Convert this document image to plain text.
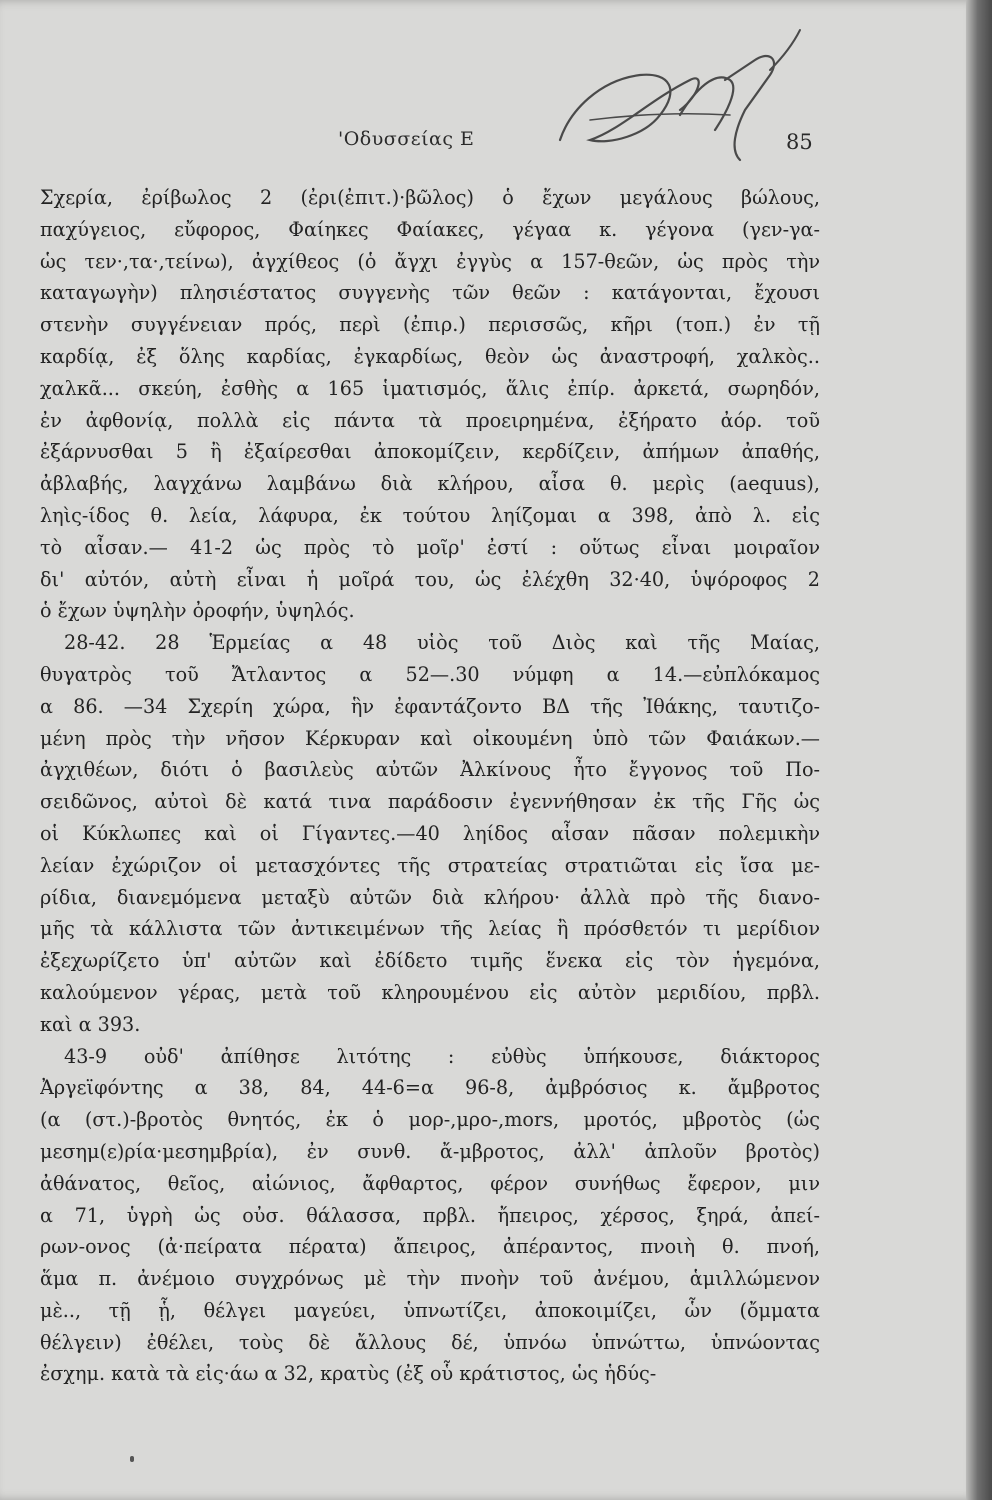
'Οδυσσείας Ε	85
Σχερία, ἐρίβωλος 2 (ἐρι(ἐπιτ.)·βῶλος) ὁ ἔχων μεγάλους βώλους,
παχύγειος, εὔφορος, Φαίηκες Φαίακες, γέγαα κ. γέγονα (γεν-γα-
ὡς τεν·,τα·,τείνω), ἀγχίθεος (ὁ ἄγχι ἐγγὺς α 157-θεῶν, ὡς πρὸς τὴν
καταγωγὴν) πλησιέστατος συγγενὴς τῶν θεῶν : κατάγονται, ἔχουσι
στενὴν συγγένειαν πρός, περὶ (ἐπιρ.) περισσῶς, κῆρι (τοπ.) ἐν τῇ
καρδίᾳ, ἐξ ὅλης καρδίας, ἐγκαρδίως, θεὸν ὡς ἀναστροφή, χαλκὸς..
χαλκᾶ... σκεύη, ἐσθὴς α 165 ἱματισμός, ἅλις ἐπίρ. ἀρκετά, σωρηδόν,
ἐν ἀφθονίᾳ, πολλὰ εἰς πάντα τὰ προειρημένα, ἐξήρατο ἀόρ. τοῦ
ἐξάρνυσθαι 5 ἢ ἐξαίρεσθαι ἀποκομίζειν, κερδίζειν, ἀπήμων ἀπαθής,
ἀβλαβής, λαγχάνω λαμβάνω διὰ κλήρου, αἶσα θ. μερὶς (aequus),
ληὶς-ίδος θ. λεία, λάφυρα, ἐκ τούτου ληίζομαι α 398, ἀπὸ λ. εἰς
τὸ αἶσαν.— 41-2 ὡς πρὸς τὸ μοῖρ' ἐστί : οὕτως εἶναι μοιραῖον
δι' αὐτόν, αὐτὴ εἶναι ἡ μοῖρά του, ὡς ἐλέχθη 32·40, ὑψόροφος 2
ὁ ἔχων ὑψηλὴν ὀροφήν, ὑψηλός.
28-42. 28 Ἑρμείας α 48 υἱὸς τοῦ Διὸς καὶ τῆς Μαίας,
θυγατρὸς τοῦ Ἄτλαντος α 52—.30 νύμφη α 14.—εὐπλόκαμος
α 86. —34 Σχερίη χώρα, ἣν ἐφαντάζοντο ΒΔ τῆς Ἰθάκης, ταυτιζο-
μένη πρὸς τὴν νῆσον Κέρκυραν καὶ οἰκουμένη ὑπὸ τῶν Φαιάκων.—
ἀγχιθέων, διότι ὁ βασιλεὺς αὐτῶν Ἀλκίνους ἦτο ἔγγονος τοῦ Πο-
σειδῶνος, αὐτοὶ δὲ κατά τινα παράδοσιν ἐγεννήθησαν ἐκ τῆς Γῆς ὡς
οἱ Κύκλωπες καὶ οἱ Γίγαντες.—40 ληίδος αἶσαν πᾶσαν πολεμικὴν
λείαν ἐχώριζον οἱ μετασχόντες τῆς στρατείας στρατιῶται εἰς ἴσα με-
ρίδια, διανεμόμενα μεταξὺ αὐτῶν διὰ κλήρου· ἀλλὰ πρὸ τῆς διανο-
μῆς τὰ κάλλιστα τῶν ἀντικειμένων τῆς λείας ἢ πρόσθετόν τι μερίδιον
ἐξεχωρίζετο ὑπ' αὐτῶν καὶ ἐδίδετο τιμῆς ἕνεκα εἰς τὸν ἡγεμόνα,
καλούμενον γέρας, μετὰ τοῦ κληρουμένου εἰς αὐτὸν μεριδίου, πρβλ.
καὶ α 393.
43-9 οὐδ' ἀπίθησε λιτότης : εὐθὺς ὑπήκουσε, διάκτορος
Ἀργεϊφόντης α 38, 84, 44-6=α 96-8, ἀμβρόσιος κ. ἄμβροτος
(α (στ.)-βροτὸς θνητός, ἐκ ὁ μορ-,μρο-,mors, μροτός, μβροτὸς (ὡς
μεσημ(ε)ρία·μεσημβρία), ἐν συνθ. ἄ-μβροτος, ἀλλ' ἁπλοῦν βροτὸς)
ἀθάνατος, θεῖος, αἰώνιος, ἄφθαρτος, φέρον συνήθως ἔφερον, μιν
α 71, ὑγρὴ ὡς οὐσ. θάλασσα, πρβλ. ἤπειρος, χέρσος, ξηρά, ἀπεί-
ρων-ονος (ἀ·πείρατα πέρατα) ἄπειρος, ἀπέραντος, πνοιὴ θ. πνοή,
ἅμα π. ἀνέμοιο συγχρόνως μὲ τὴν πνοὴν τοῦ ἀνέμου, ἁμιλλώμενον
μὲ.., τῇ ᾗ, θέλγει μαγεύει, ὑπνωτίζει, ἀποκοιμίζει, ὧν (ὄμματα
θέλγειν) ἐθέλει, τοὺς δὲ ἄλλους δέ, ὑπνόω ὑπνώττω, ὑπνώοντας
ἐσχημ. κατὰ τὰ εἰς·άω α 32, κρατὺς (ἐξ οὗ κράτιστος, ὡς ἡδύς-
